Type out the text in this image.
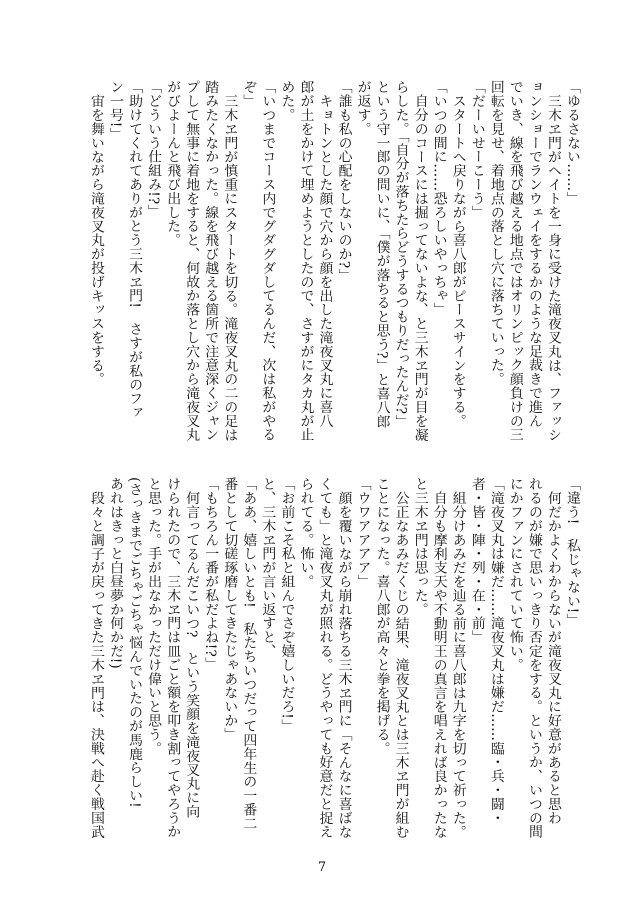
「ゆるさない……」
三木ヱ門がヘイトを一身に受けた滝夜叉丸は、ファッシ
ョンショーでランウェイをするかのような足裁きで進ん
でいき、線を飛び越える地点ではオリンピック顔負けの三
回転を見せ、着地点の落とし穴に落ちていった。
「だーいせーこーう」
スタートへ戻りながら喜八郎がピースサインをする。
「いつの間に……恐ろしいやっちゃ」
自分のコースには掘ってないよな、と三木ヱ門が目を凝
らした。「自分が落ちたらどうするつもりだったんだ?」
という守一郎の問いに、「僕が落ちると思う?」と喜八郎
が返す。
「誰も私の心配をしないのか?」
キョトンとした顔で穴から顔を出した滝夜叉丸に喜八
郎が土をかけて埋めようとしたので、さすがにタカ丸が止
めた。
「いつまでコース内でグダグダしてるんだ、次は私がやる
ぞ」
三木ヱ門が慎重にスタートを切る。滝夜叉丸の二の足は
踏みたくなかった。線を飛び越える箇所で注意深くジャン
プして無事に着地をすると、何故か落とし穴から滝夜叉丸
がびよーんと飛び出した。
「どういう仕組み!?」
「助けてくれてありがとう三木ヱ門!　さすが私のファ
ン一号!」
宙を舞いながら滝夜叉丸が投げキッスをする。
「違う!　私じゃない!」
何だかよくわからないが滝夜叉丸に好意があると思わ
れるのが嫌で思いっきり否定をする。というか、いつの間
にかファンにされていて怖い。
「滝夜叉丸は嫌だ……滝夜叉丸は嫌だ……臨・兵・闘・
者・皆・陣・列・在・前」
組分けあみだを辿る前に喜八郎は九字を切って祈った。
自分も摩利支天や不動明王の真言を唱えれば良かったな
と三木ヱ門は思った。
公正なあみだくじの結果、滝夜叉丸とは三木ヱ門が組む
ことになった。喜八郎が高々と拳を掲げる。
「ウワアアアア」
顔を覆いながら崩れ落ちる三木ヱ門に「そんなに喜ばな
くても」と滝夜叉丸が照れる。どうやっても好意だと捉え
られてる。怖い。
「お前こそ私と組んでさぞ嬉しいだろ!」
と、三木ヱ門が言い返すと、
「ああ、嬉しいとも!　私たちいつだって四年生の一番二
番として切磋琢磨してきたじゃあないか」
「もちろん一番が私だよね!?」
何言ってるんだこいつ?　という笑顔を滝夜叉丸に向
けられたので、三木ヱ門は皿ごと額を叩き割ってやろうか
と思った。手が出なかっただけ偉いと思う。
(さっきまでごちゃごちゃ悩んでいたのが馬鹿らしい!
あれはきっと白昼夢か何かだ!)
段々と調子が戻ってきた三木ヱ門は、決戦へ赴く戦国武
7
